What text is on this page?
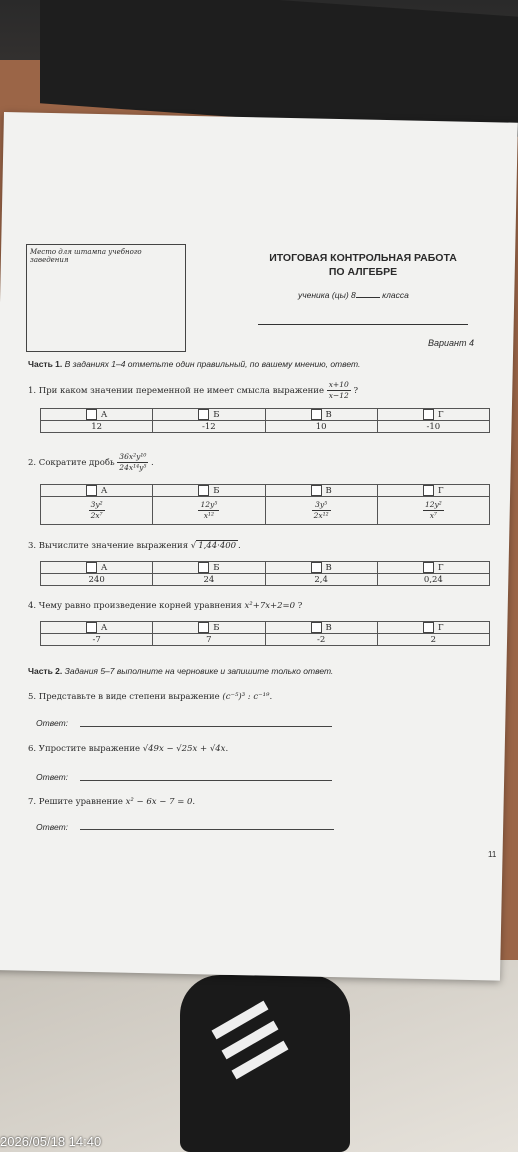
Место для штампа учебного заведения	ИТОГОВАЯ КОНТРОЛЬНАЯ РАБОТА
ПО АЛГЕБРЕ
ученика (цы) 8	класса
Вариант 4
Часть 1. В заданиях 1–4 отметьте один правильный, по вашему мнению, ответ.
1. При каком значении переменной не имеет смысла выражение $\frac{x+10}{x-12}$ ?
А	Б	В	Г
12	-12	10	-10
2. Сократите дробь $\frac{\text{36x²y¹⁰}}{\text{24x¹⁴y⁵}}$ .
А	Б	В	Г

$\frac{\text{3y²}}{\text{2x⁷}}$	$\frac{\text{12y⁵}}{\text{x¹²}}$	$\frac{\text{3y⁵}}{\text{2x¹²}}$	$\frac{\text{12y²}}{\text{x⁷}}$
3. Вычислите значение выражения √ 1,44·400 .
А	Б	В	Г
240	24	2,4	0,24
4. Чему равно произведение корней уравнения x²+7x+2=0 ?
А	Б	В	Г
-7	7	-2	2
Часть 2. Задания 5–7 выполните на черновике и запишите только ответ.
5. Представьте в виде степени выражение (c⁻⁵)³ : c⁻¹⁹.
Ответ:
6. Упростите выражение √49x − √25x + √4x.
Ответ:
7. Решите уравнение x² − 6x − 7 = 0.
Ответ:
11
2026/05/18 14:40
